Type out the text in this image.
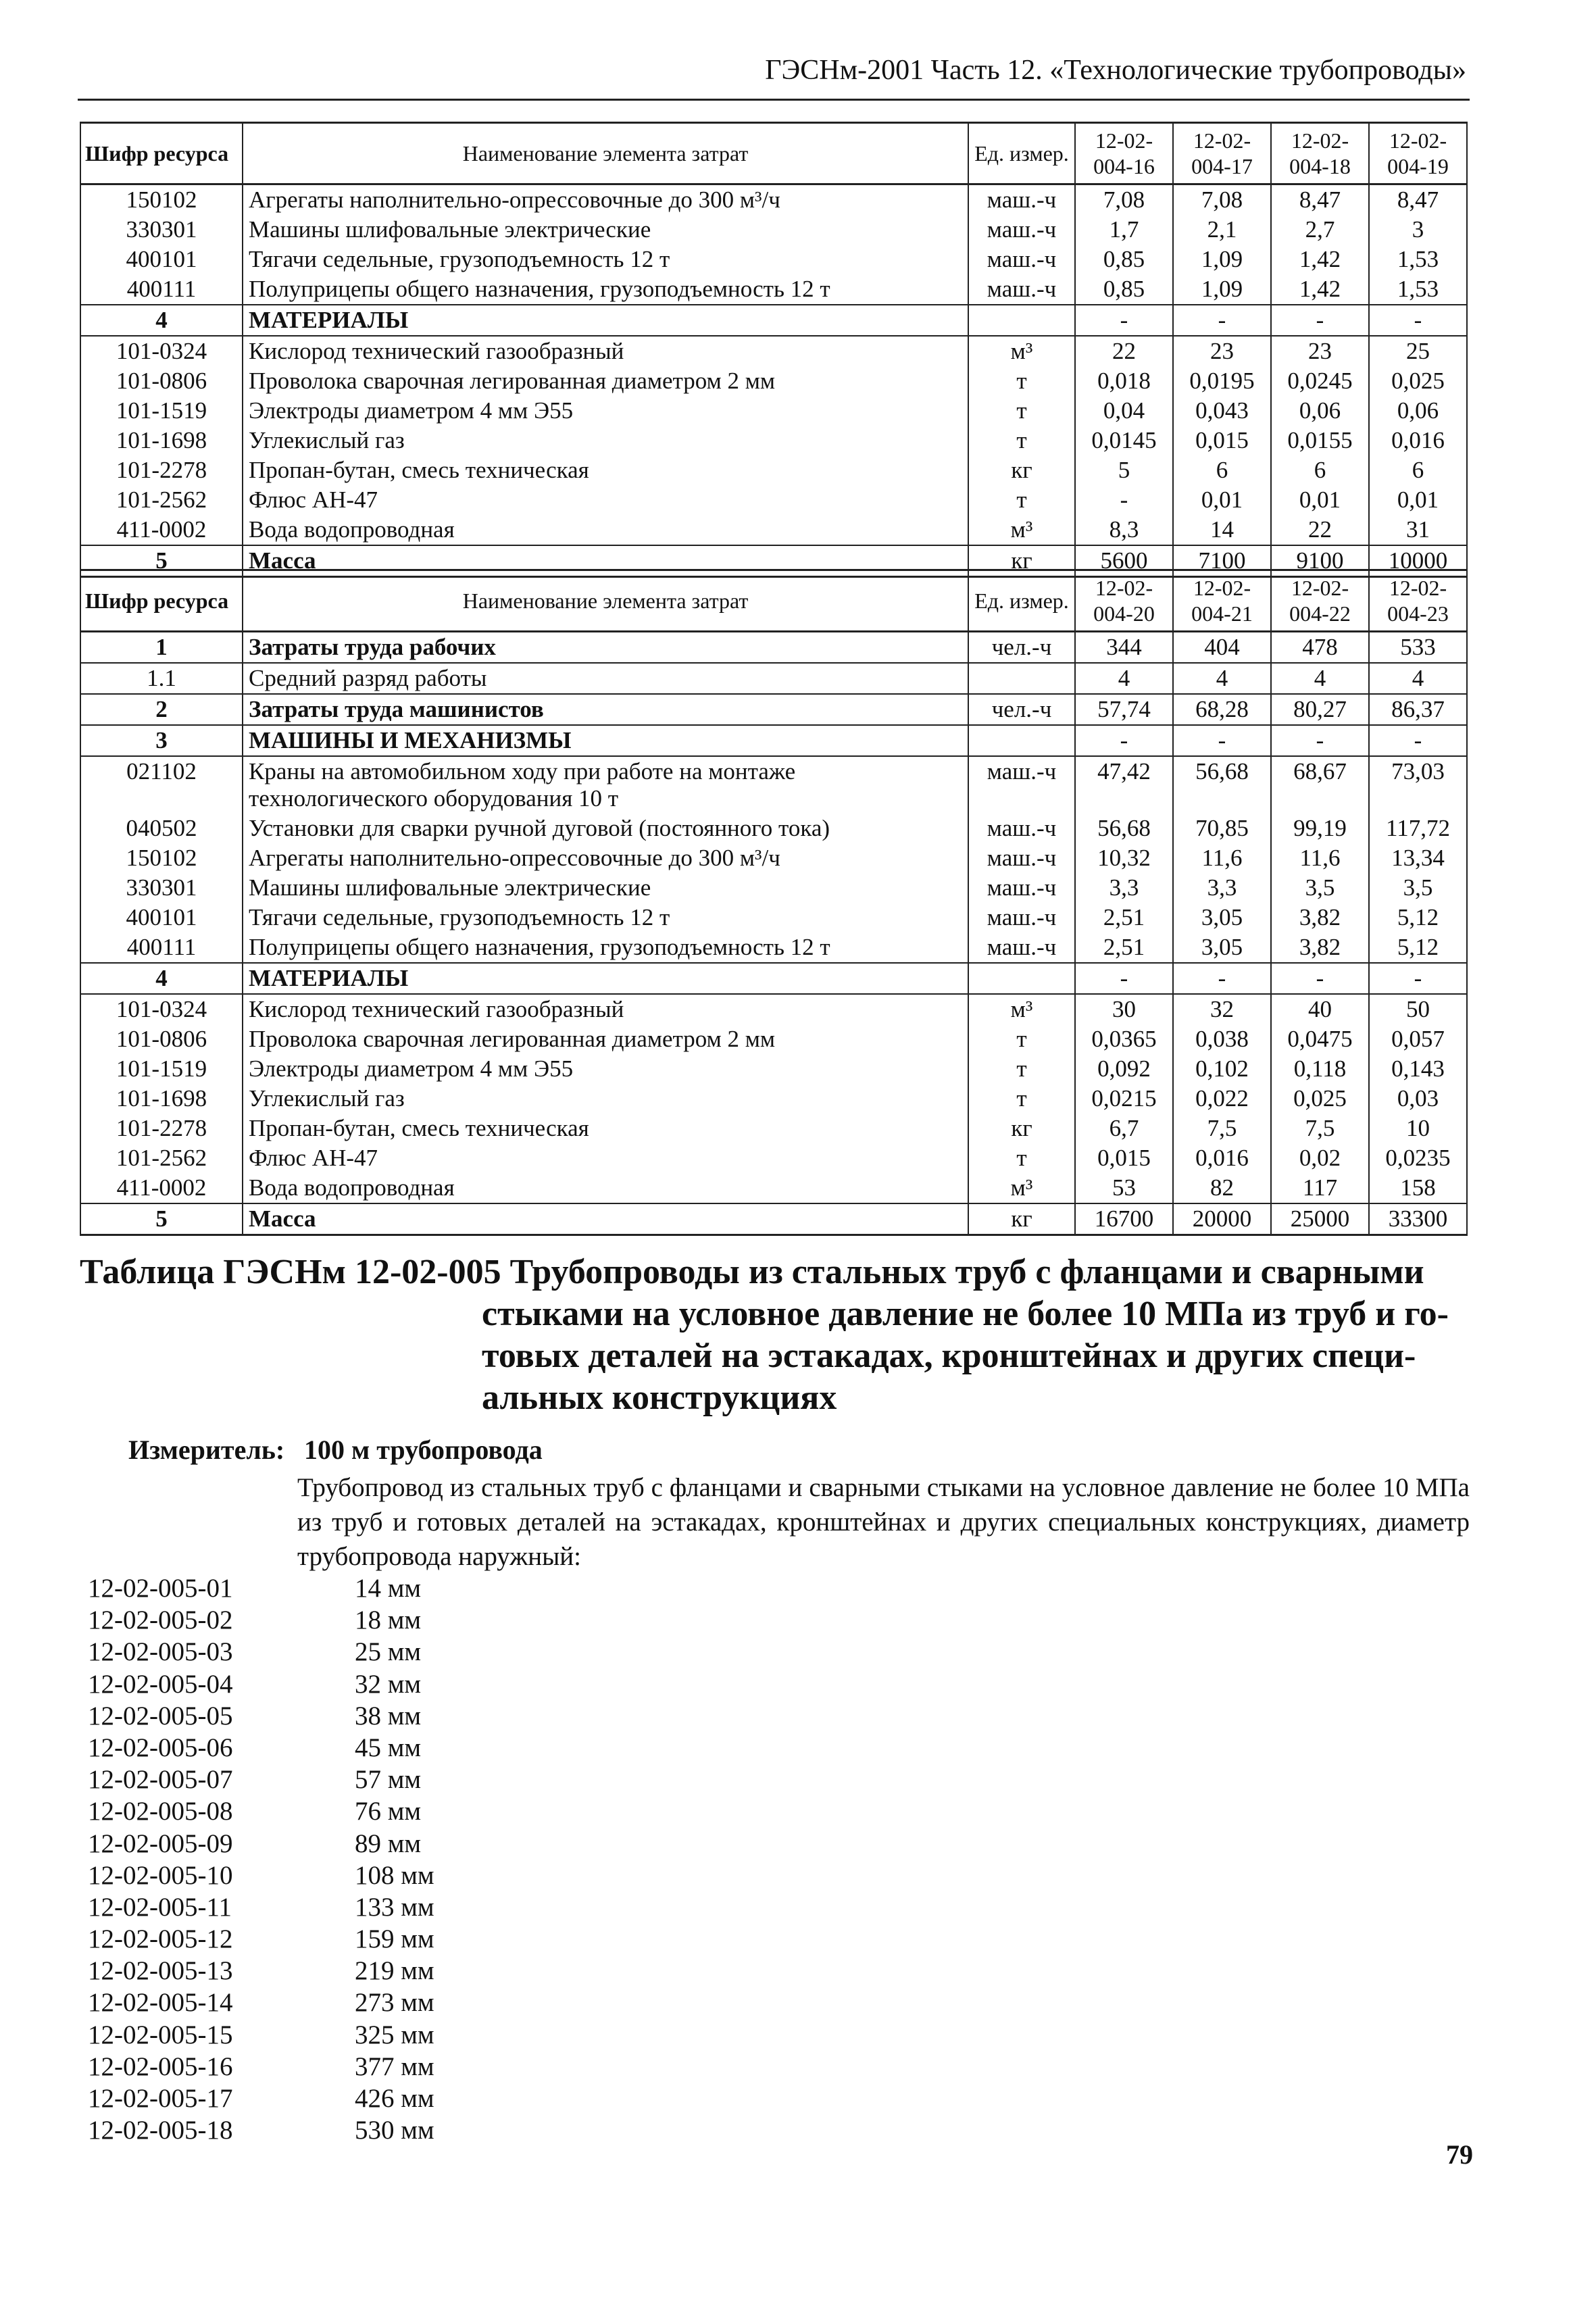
ГЭСНм-2001 Часть 12. «Технологические трубопроводы»
Шифр ресурса	Наименование элемента затрат	Ед. измер.	12-02-004-16	12-02-004-17	12-02-004-18	12-02-004-19
150102	Агрегаты наполнительно-опрессовочные до 300 м³/ч	маш.-ч	7,08	7,08	8,47	8,47
330301	Машины шлифовальные электрические	маш.-ч	1,7	2,1	2,7	3
400101	Тягачи седельные, грузоподъемность 12 т	маш.-ч	0,85	1,09	1,42	1,53
400111	Полуприцепы общего назначения, грузоподъемность 12 т	маш.-ч	0,85	1,09	1,42	1,53
4	МАТЕРИАЛЫ		-	-	-	-
101-0324	Кислород технический газообразный	м³	22	23	23	25
101-0806	Проволока сварочная легированная диаметром 2 мм	т	0,018	0,0195	0,0245	0,025
101-1519	Электроды диаметром 4 мм Э55	т	0,04	0,043	0,06	0,06
101-1698	Углекислый газ	т	0,0145	0,015	0,0155	0,016
101-2278	Пропан-бутан, смесь техническая	кг	5	6	6	6
101-2562	Флюс АН-47	т	-	0,01	0,01	0,01
411-0002	Вода водопроводная	м³	8,3	14	22	31
5	Масса	кг	5600	7100	9100	10000
Шифр ресурса	Наименование элемента затрат	Ед. измер.	12-02-004-20	12-02-004-21	12-02-004-22	12-02-004-23
1	Затраты труда рабочих	чел.-ч	344	404	478	533
1.1	Средний разряд работы		4	4	4	4
2	Затраты труда машинистов	чел.-ч	57,74	68,28	80,27	86,37
3	МАШИНЫ И МЕХАНИЗМЫ		-	-	-	-
021102	Краны на автомобильном ходу при работе на монтаже технологического оборудования 10 т	маш.-ч	47,42	56,68	68,67	73,03
040502	Установки для сварки ручной дуговой (постоянного тока)	маш.-ч	56,68	70,85	99,19	117,72
150102	Агрегаты наполнительно-опрессовочные до 300 м³/ч	маш.-ч	10,32	11,6	11,6	13,34
330301	Машины шлифовальные электрические	маш.-ч	3,3	3,3	3,5	3,5
400101	Тягачи седельные, грузоподъемность 12 т	маш.-ч	2,51	3,05	3,82	5,12
400111	Полуприцепы общего назначения, грузоподъемность 12 т	маш.-ч	2,51	3,05	3,82	5,12
4	МАТЕРИАЛЫ		-	-	-	-
101-0324	Кислород технический газообразный	м³	30	32	40	50
101-0806	Проволока сварочная легированная диаметром 2 мм	т	0,0365	0,038	0,0475	0,057
101-1519	Электроды диаметром 4 мм Э55	т	0,092	0,102	0,118	0,143
101-1698	Углекислый газ	т	0,0215	0,022	0,025	0,03
101-2278	Пропан-бутан, смесь техническая	кг	6,7	7,5	7,5	10
101-2562	Флюс АН-47	т	0,015	0,016	0,02	0,0235
411-0002	Вода водопроводная	м³	53	82	117	158
5	Масса	кг	16700	20000	25000	33300
Таблица ГЭСНм 12-02-005 Трубопроводы из стальных труб с фланцами и сварными
стыками на условное давление не более 10 МПа из труб и го-
товых деталей на эстакадах, кронштейнах и других специ-
альных конструкциях
Измеритель: 100 м трубопровода
Трубопровод из стальных труб с фланцами и сварными стыками на условное давление не более 10 МПа из труб и готовых деталей на эстакадах, кронштейнах и других специальных конструкциях, диаметр трубопровода наружный:
12-02-005-01	14 мм
12-02-005-02	18 мм
12-02-005-03	25 мм
12-02-005-04	32 мм
12-02-005-05	38 мм
12-02-005-06	45 мм
12-02-005-07	57 мм
12-02-005-08	76 мм
12-02-005-09	89 мм
12-02-005-10	108 мм
12-02-005-11	133 мм
12-02-005-12	159 мм
12-02-005-13	219 мм
12-02-005-14	273 мм
12-02-005-15	325 мм
12-02-005-16	377 мм
12-02-005-17	426 мм
12-02-005-18	530 мм
79
